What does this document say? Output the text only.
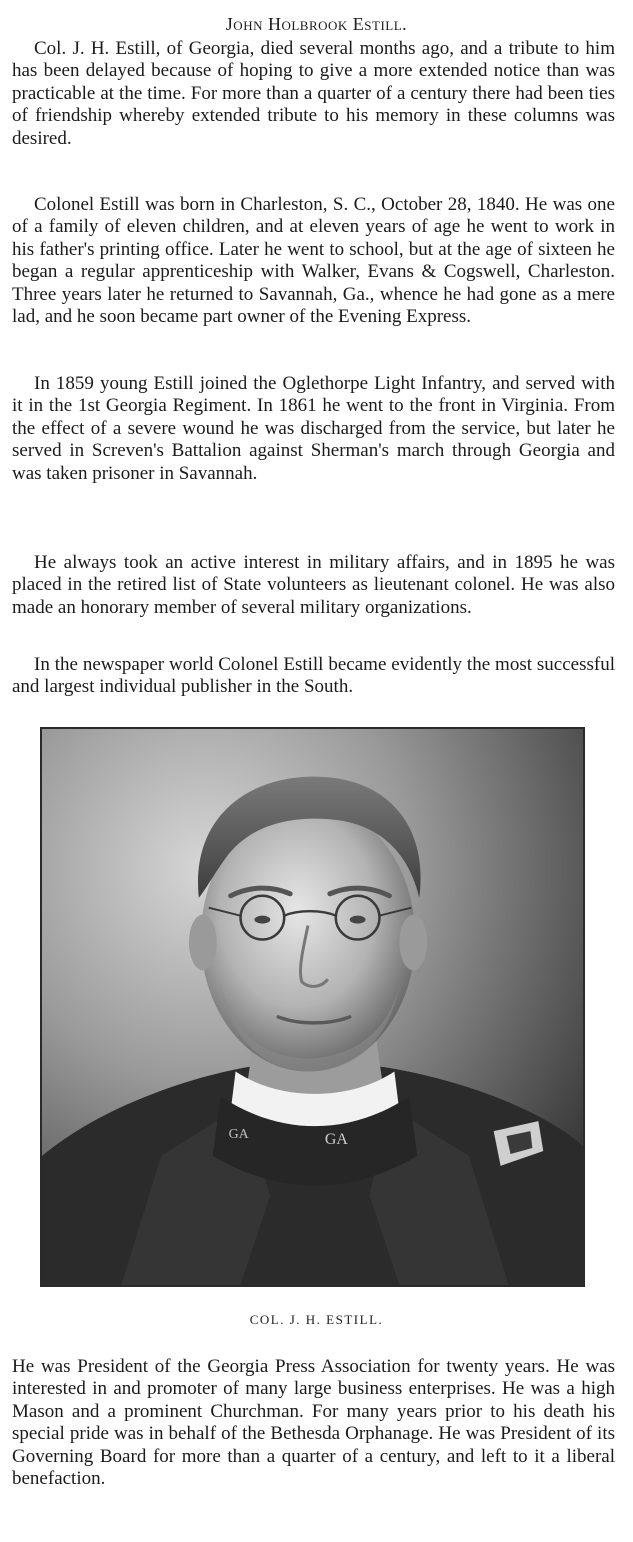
John Holbrook Estill.

Col. J. H. Estill, of Georgia, died several months ago, and a tribute to him has been delayed because of hoping to give a more extended notice than was practicable at the time. For more than a quarter of a century there had been ties of friendship whereby extended tribute to his memory in these columns was desired.

Colonel Estill was born in Charleston, S. C., October 28, 1840. He was one of a family of eleven children, and at eleven years of age he went to work in his father's printing office. Later he went to school, but at the age of sixteen he began a regular apprenticeship with Walker, Evans & Cogswell, Charleston. Three years later he returned to Savannah, Ga., whence he had gone as a mere lad, and he soon became part owner of the Evening Express.

In 1859 young Estill joined the Oglethorpe Light Infantry, and served with it in the 1st Georgia Regiment. In 1861 he went to the front in Virginia. From the effect of a severe wound he was discharged from the service, but later he served in Screven's Battalion against Sherman's march through Georgia and was taken prisoner in Savannah.

He always took an active interest in military affairs, and in 1895 he was placed in the retired list of State volunteers as lieutenant colonel. He was also made an honorary member of several military organizations.

In the newspaper world Colonel Estill became evidently the most successful and largest individual publisher in the South.

GA
GA
COL. J. H. ESTILL.

He was President of the Georgia Press Association for twenty years. He was interested in and promoter of many large business enterprises. He was a high Mason and a prominent Churchman. For many years prior to his death his special pride was in behalf of the Bethesda Orphanage. He was President of its Governing Board for more than a quarter of a century, and left to it a liberal benefaction.
